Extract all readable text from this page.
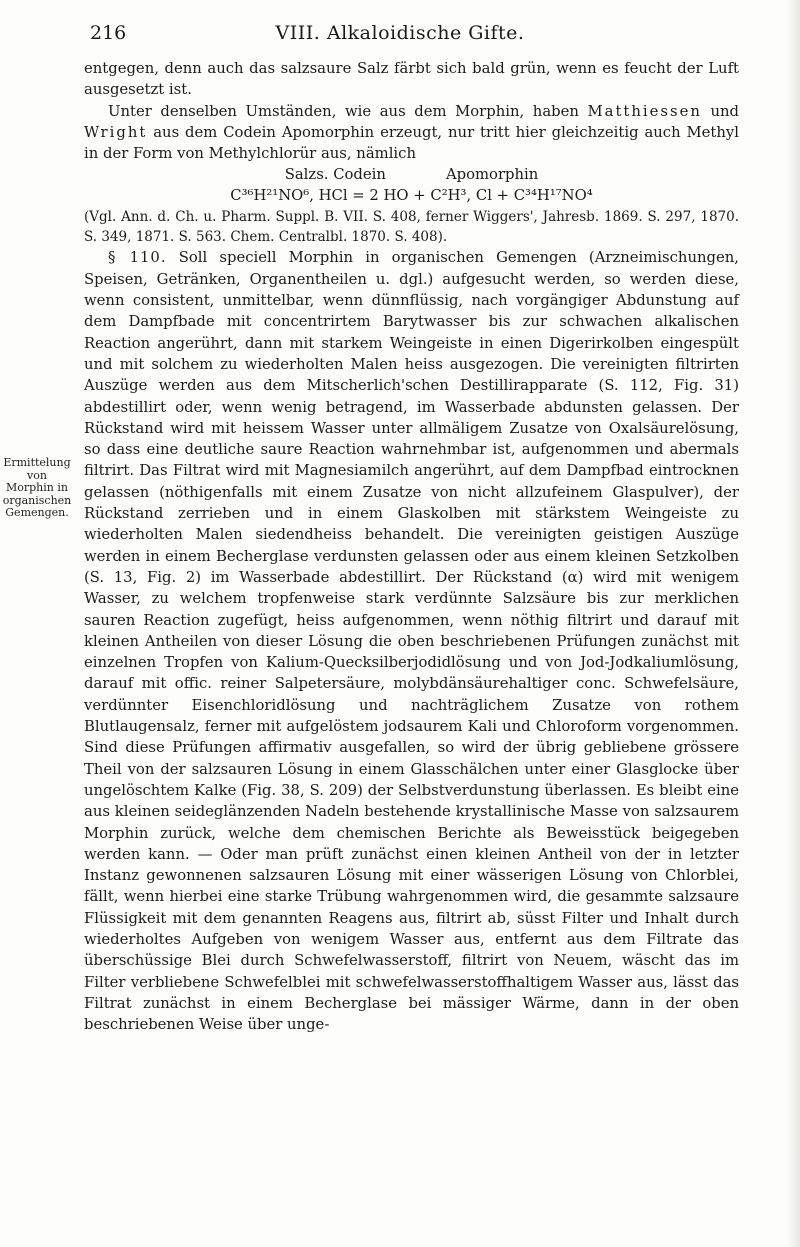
216	VIII. Alkaloidische Gifte.
Ermittelung von Morphin in organischen Gemengen.

entgegen, denn auch das salzsaure Salz färbt sich bald grün, wenn es feucht der Luft ausgesetzt ist.

Unter denselben Umständen, wie aus dem Morphin, haben Matthiessen und Wright aus dem Codein Apomorphin erzeugt, nur tritt hier gleichzeitig auch Methyl in der Form von Methylchlorür aus, nämlich

Salzs. Codein	Apomorphin
C³⁶H²¹NO⁶, HCl = 2 HO + C²H³, Cl + C³⁴H¹⁷NO⁴

(Vgl. Ann. d. Ch. u. Pharm. Suppl. B. VII. S. 408, ferner Wiggers', Jahresb. 1869. S. 297, 1870. S. 349, 1871. S. 563. Chem. Centralbl. 1870. S. 408).

§ 110. Soll speciell Morphin in organischen Gemengen (Arzneimischungen, Speisen, Getränken, Organentheilen u. dgl.) aufgesucht werden, so werden diese, wenn consistent, unmittelbar, wenn dünnflüssig, nach vorgängiger Abdunstung auf dem Dampfbade mit concentrirtem Barytwasser bis zur schwachen alkalischen Reaction angerührt, dann mit starkem Weingeiste in einen Digerirkolben eingespült und mit solchem zu wiederholten Malen heiss ausgezogen. Die vereinigten filtrirten Auszüge werden aus dem Mitscherlich'schen Destillirapparate (S. 112, Fig. 31) abdestillirt oder, wenn wenig betragend, im Wasserbade abdunsten gelassen. Der Rückstand wird mit heissem Wasser unter allmäligem Zusatze von Oxalsäurelösung, so dass eine deutliche saure Reaction wahrnehmbar ist, aufgenommen und abermals filtrirt. Das Filtrat wird mit Magnesiamilch angerührt, auf dem Dampfbad eintrocknen gelassen (nöthigenfalls mit einem Zusatze von nicht allzufeinem Glaspulver), der Rückstand zerrieben und in einem Glaskolben mit stärkstem Weingeiste zu wiederholten Malen siedendheiss behandelt. Die vereinigten geistigen Auszüge werden in einem Becherglase verdunsten gelassen oder aus einem kleinen Setzkolben (S. 13, Fig. 2) im Wasserbade abdestillirt. Der Rückstand (α) wird mit wenigem Wasser, zu welchem tropfenweise stark verdünnte Salzsäure bis zur merklichen sauren Reaction zugefügt, heiss aufgenommen, wenn nöthig filtrirt und darauf mit kleinen Antheilen von dieser Lösung die oben beschriebenen Prüfungen zunächst mit einzelnen Tropfen von Kalium-Quecksilberjodidlösung und von Jod-Jodkaliumlösung, darauf mit offic. reiner Salpetersäure, molybdänsäurehaltiger conc. Schwefelsäure, verdünnter Eisenchloridlösung und nachträglichem Zusatze von rothem Blutlaugensalz, ferner mit aufgelöstem jodsaurem Kali und Chloroform vorgenommen. Sind diese Prüfungen affirmativ ausgefallen, so wird der übrig gebliebene grössere Theil von der salzsauren Lösung in einem Glasschälchen unter einer Glasglocke über ungelöschtem Kalke (Fig. 38, S. 209) der Selbstverdunstung überlassen. Es bleibt eine aus kleinen seideglänzenden Nadeln bestehende krystallinische Masse von salzsaurem Morphin zurück, welche dem chemischen Berichte als Beweisstück beigegeben werden kann. — Oder man prüft zunächst einen kleinen Antheil von der in letzter Instanz gewonnenen salzsauren Lösung mit einer wässerigen Lösung von Chlorblei, fällt, wenn hierbei eine starke Trübung wahrgenommen wird, die gesammte salzsaure Flüssigkeit mit dem genannten Reagens aus, filtrirt ab, süsst Filter und Inhalt durch wiederholtes Aufgeben von wenigem Wasser aus, entfernt aus dem Filtrate das überschüssige Blei durch Schwefelwasserstoff, filtrirt von Neuem, wäscht das im Filter verbliebene Schwefelblei mit schwefelwasserstoffhaltigem Wasser aus, lässt das Filtrat zunächst in einem Becherglase bei mässiger Wärme, dann in der oben beschriebenen Weise über unge-
